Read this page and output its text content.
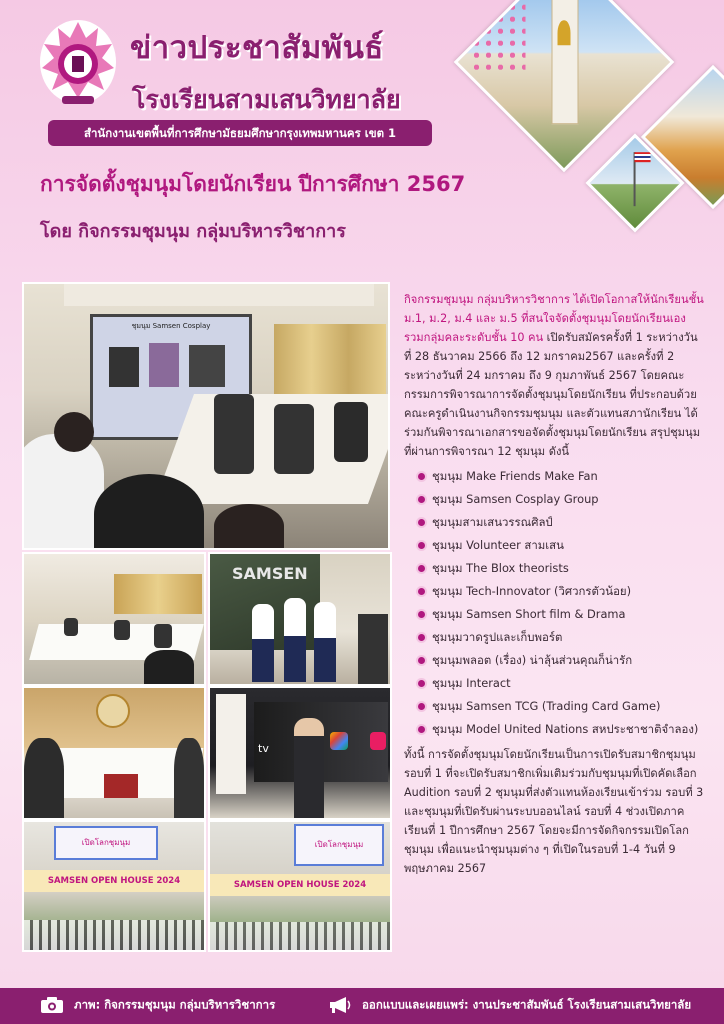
ข่าวประชาสัมพันธ์
โรงเรียนสามเสนวิทยาลัย
สำนักงานเขตพื้นที่การศึกษามัธยมศึกษากรุงเทพมหานคร เขต 1
การจัดตั้งชุมนุมโดยนักเรียน ปีการศึกษา 2567
โดย กิจกรรมชุมนุม กลุ่มบริหารวิชาการ
ชุมนุม Samsen Cosplay
SAMSEN
tv
เปิดโลกชุมนุม
SAMSEN OPEN HOUSE 2024
เปิดโลกชุมนุม
SAMSEN OPEN HOUSE 2024
กิจกรรมชุมนุม กลุ่มบริหารวิชาการ ได้เปิดโอกาสให้นักเรียนชั้น ม.1, ม.2, ม.4 และ ม.5 ที่สนใจจัดตั้งชุมนุมโดยนักเรียนเอง รวมกลุ่มคละระดับชั้น 10 คน เปิดรับสมัครครั้งที่ 1 ระหว่างวันที่ 28 ธันวาคม 2566 ถึง 12 มกราคม2567 และครั้งที่ 2 ระหว่างวันที่ 24 มกราคม ถึง 9 กุมภาพันธ์ 2567 โดยคณะกรรมการพิจารณาการจัดตั้งชุมนุมโดยนักเรียน ที่ประกอบด้วย คณะครูดำเนินงานกิจกรรมชุมนุม และตัวแทนสภานักเรียน ได้ร่วมกันพิจารณาเอกสารขอจัดตั้งชุมนุมโดยนักเรียน สรุปชุมนุมที่ผ่านการพิจารณา 12 ชุมนุม ดังนี้
ชุมนุม Make Friends Make Fan
ชุมนุม Samsen Cosplay Group
ชุมนุมสามเสนวรรณศิลป์
ชุมนุม Volunteer สามเสน
ชุมนุม The Blox theorists
ชุมนุม Tech-Innovator (วิศวกรตัวน้อย)
ชุมนุม Samsen Short film & Drama
ชุมนุมวาดรูปและเก็บพอร์ต
ชุมนุมพลอต (เรื่อง) น่าลุ้นส่วนคุณก็น่ารัก
ชุมนุม Interact
ชุมนุม Samsen TCG (Trading Card Game)
ชุมนุม Model United Nations สหประชาชาติจำลอง)
ทั้งนี้ การจัดตั้งชุมนุมโดยนักเรียนเป็นการเปิดรับสมาชิกชุมนุมรอบที่ 1 ที่จะเปิดรับสมาชิกเพิ่มเติมร่วมกับชุมนุมที่เปิดคัดเลือก Audition รอบที่ 2 ชุมนุมที่ส่งตัวแทนห้องเรียนเข้าร่วม รอบที่ 3 และชุมนุมที่เปิดรับผ่านระบบออนไลน์ รอบที่ 4 ช่วงเปิดภาคเรียนที่ 1 ปีการศึกษา 2567 โดยจะมีการจัดกิจกรรมเปิดโลกชุมนุม เพื่อแนะนำชุมนุมต่าง ๆ ที่เปิดในรอบที่ 1-4 วันที่ 9 พฤษภาคม 2567
ภาพ: กิจกรรมชุมนุม กลุ่มบริหารวิชาการ	ออกแบบและเผยแพร่: งานประชาสัมพันธ์ โรงเรียนสามเสนวิทยาลัย
